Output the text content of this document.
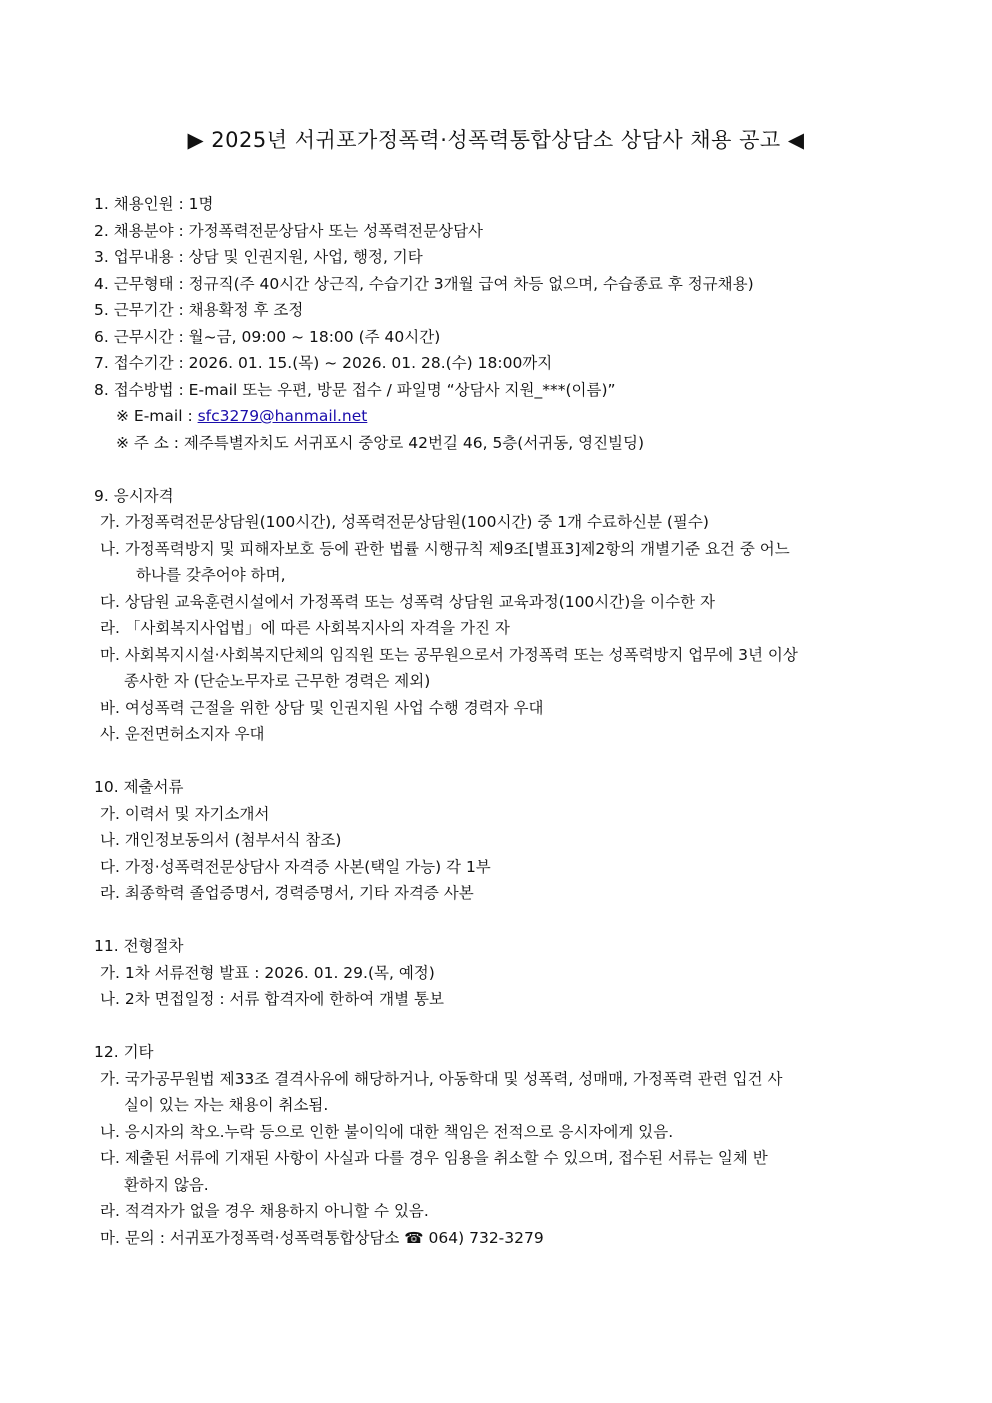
▶ 2025년 서귀포가정폭력·성폭력통합상담소 상담사 채용 공고 ◀
1. 채용인원 : 1명
2. 채용분야 : 가정폭력전문상담사 또는 성폭력전문상담사
3. 업무내용 : 상담 및 인권지원, 사업, 행정, 기타
4. 근무형태 : 정규직(주 40시간 상근직, 수습기간 3개월 급여 차등 없으며, 수습종료 후 정규채용)
5. 근무기간 : 채용확정 후 조정
6. 근무시간 : 월~금, 09:00 ~ 18:00 (주 40시간)
7. 접수기간 : 2026. 01. 15.(목) ~ 2026. 01. 28.(수) 18:00까지
8. 접수방법 : E-mail 또는 우편, 방문 접수 / 파일명 “상담사 지원_***(이름)”
※ E-mail : sfc3279@hanmail.net
※ 주 소 : 제주특별자치도 서귀포시 중앙로 42번길 46, 5층(서귀동, 영진빌딩)
9. 응시자격
가. 가정폭력전문상담원(100시간), 성폭력전문상담원(100시간) 중 1개 수료하신분 (필수)
나. 가정폭력방지 및 피해자보호 등에 관한 법률 시행규칙 제9조[별표3]제2항의 개별기준 요건 중 어느
하나를 갖추어야 하며,
다. 상담원 교육훈련시설에서 가정폭력 또는 성폭력 상담원 교육과정(100시간)을 이수한 자
라. 「사회복지사업법」에 따른 사회복지사의 자격을 가진 자
마. 사회복지시설·사회복지단체의 임직원 또는 공무원으로서 가정폭력 또는 성폭력방지 업무에 3년 이상
종사한 자 (단순노무자로 근무한 경력은 제외)
바. 여성폭력 근절을 위한 상담 및 인권지원 사업 수행 경력자 우대
사. 운전면허소지자 우대
10. 제출서류
가. 이력서 및 자기소개서
나. 개인정보동의서 (첨부서식 참조)
다. 가정·성폭력전문상담사 자격증 사본(택일 가능) 각 1부
라. 최종학력 졸업증명서, 경력증명서, 기타 자격증 사본
11. 전형절차
가. 1차 서류전형 발표 : 2026. 01. 29.(목, 예정)
나. 2차 면접일정 : 서류 합격자에 한하여 개별 통보
12. 기타
가. 국가공무원법 제33조 결격사유에 해당하거나, 아동학대 및 성폭력, 성매매, 가정폭력 관련 입건 사
실이 있는 자는 채용이 취소됨.
나. 응시자의 착오.누락 등으로 인한 불이익에 대한 책임은 전적으로 응시자에게 있음.
다. 제출된 서류에 기재된 사항이 사실과 다를 경우 임용을 취소할 수 있으며, 접수된 서류는 일체 반
환하지 않음.
라. 적격자가 없을 경우 채용하지 아니할 수 있음.
마. 문의 : 서귀포가정폭력·성폭력통합상담소 ☎ 064) 732-3279
